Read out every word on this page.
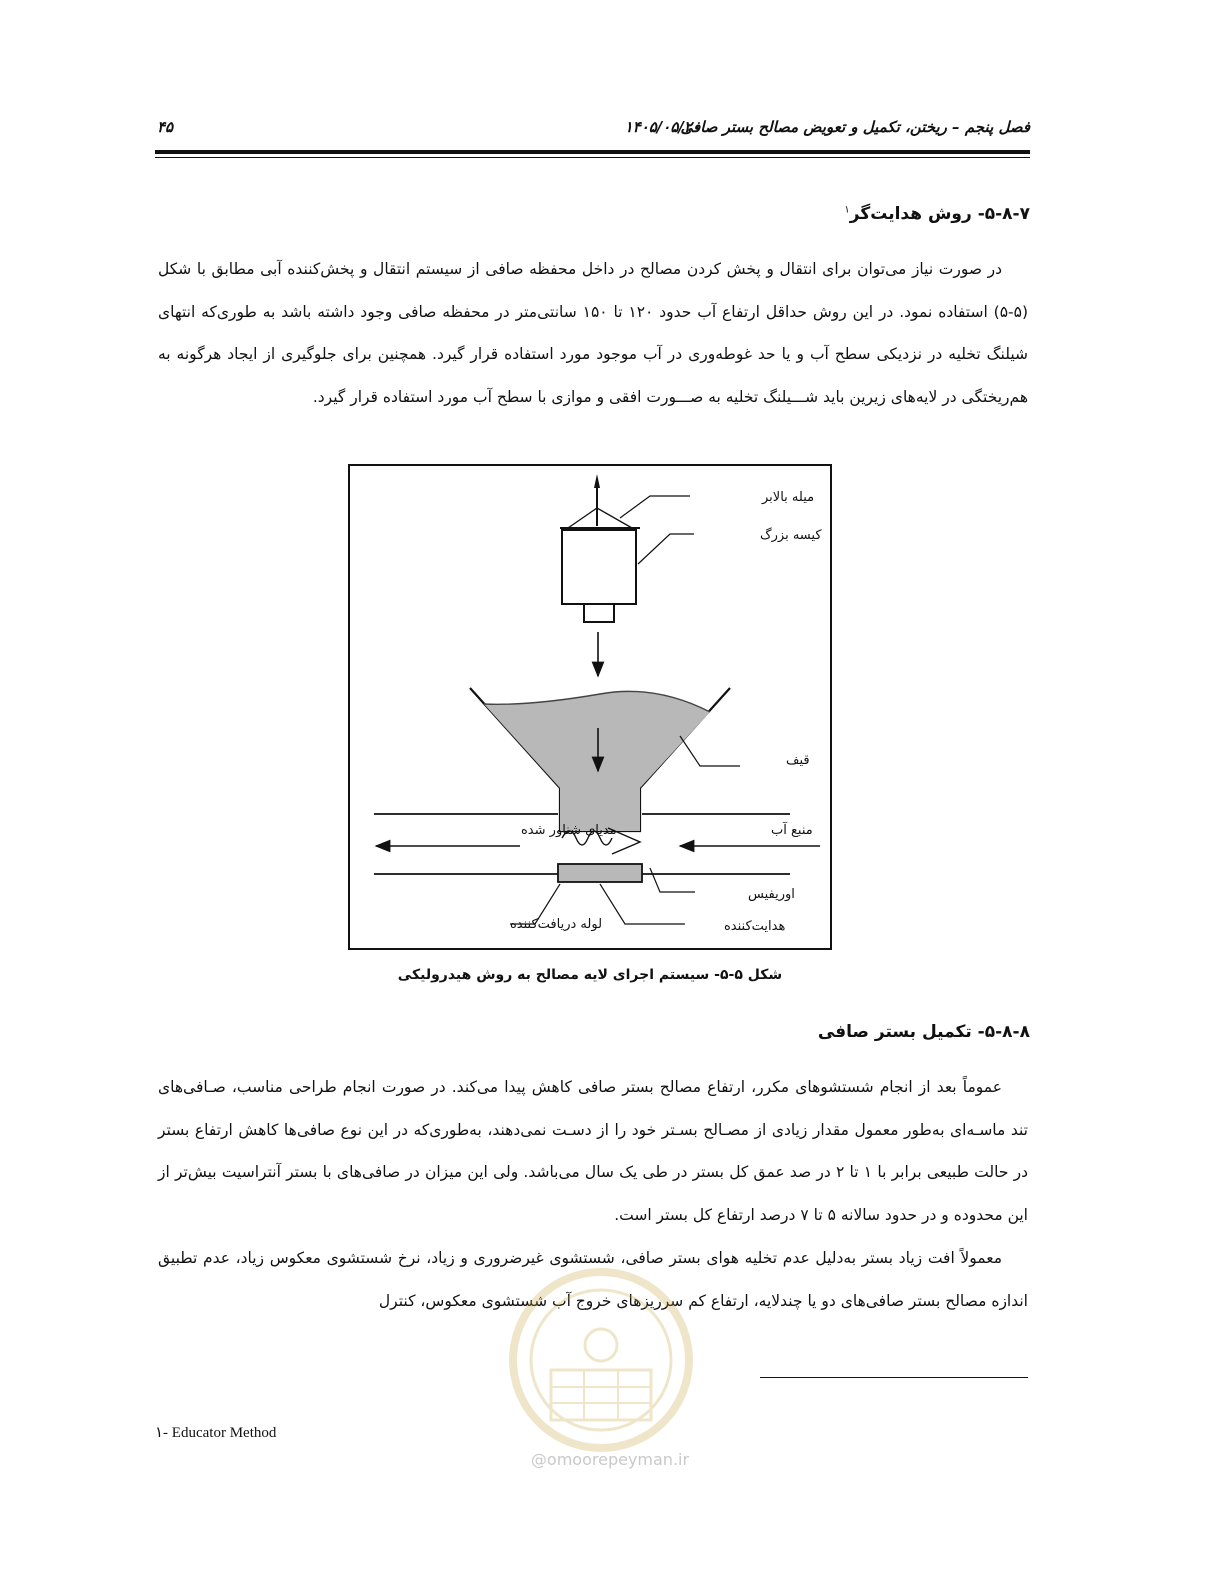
فصل پنجم – ریختن، تکمیل و تعویض مصالح بستر صافی
۱۴۰۵/۰۵/۲۰
۴۵
۵-۸-۷- روش هدایت‌گر$^۱$

در صورت نیاز می‌توان برای انتقال و پخش کردن مصالح در داخل محفظه صافی از سیستم انتقال و پخش‌کننده آبی مطابق با شکل (۵-۵) استفاده نمود. در این روش حداقل ارتفاع آب حدود ۱۲۰ تا ۱۵۰ سانتی‌متر در محفظه صافی وجود داشته باشد به طوری‌که انتهای شیلنگ تخلیه در نزدیکی سطح آب و یا حد غوطه‌وری در آب موجود مورد استفاده قرار گیرد. همچنین برای جلوگیری از ایجاد هرگونه به هم‌ریختگی در لایه‌های زیرین باید شـــیلنگ تخلیه به صـــورت افقی و موازی با سطح آب مورد استفاده قرار گیرد.

میله بالابر
کیسه بزرگ
قیف
منبع آب
مدیای شناور شده
اوریفیس
لوله دریافت‌کننده	هدایت‌کننده
شکل ۵-۵- سیستم اجرای لایه مصالح به روش هیدرولیکی
۵-۸-۸- تکمیل بستر صافی

عموماً بعد از انجام شستشوهای مکرر، ارتفاع مصالح بستر صافی کاهش پیدا می‌کند. در صورت انجام طراحی مناسب، صـافی‌های تند ماسـه‌ای به‌طور معمول مقدار زیادی از مصـالح بسـتر خود را از دسـت نمی‌دهند، به‌طوری‌که در این نوع صافی‌ها کاهش ارتفاع بستر در حالت طبیعی برابر با ۱ تا ۲ در صد عمق کل بستر در طی یک سال می‌باشد. ولی این میزان در صافی‌های با بستر آنتراسیت بیش‌تر از این محدوده و در حدود سالانه ۵ تا ۷ درصد ارتفاع کل بستر است.

معمولاً افت زیاد بستر به‌دلیل عدم تخلیه هوای بستر صافی، شستشوی غیرضروری و زیاد، نرخ شستشوی معکوس زیاد، عدم تطبیق اندازه مصالح بستر صافی‌های دو یا چندلایه، ارتفاع کم سرریزهای خروج آب شستشوی معکوس، کنترل

@omoorepeyman.ir
۱- Educator Method
